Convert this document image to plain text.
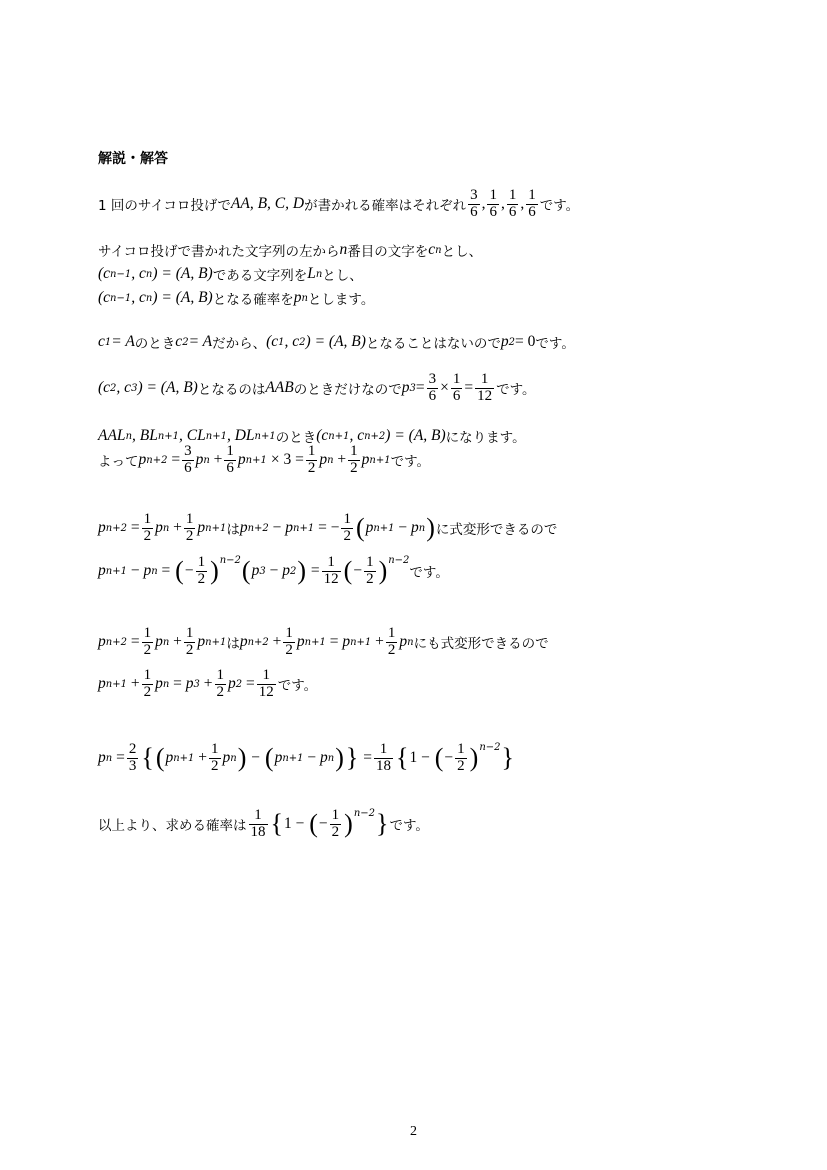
解説・解答
1 回のサイコロ投げで AA, B, C, D が書かれる確率はそれぞれ $\frac{3}{6}$ , $\frac{1}{6}$ , $\frac{1}{6}$ , $\frac{1}{6}$ です。
サイコロ投げで書かれた文字列の左から n 番目の文字を c n とし、
(c n−1 , c n ) = (A, B) である文字列を L n とし、
(c n−1 , c n ) = (A, B) となる確率を p n とします。
c 1 = A のとき c 2 = A だから、 (c 1 , c 2 ) = (A, B) となることはないので p 2 = 0 です。
(c 2 , c 3 ) = (A, B) となるのは AAB のときだけなので p $3 = \frac{3}{6} \times \frac{1}{6} = \frac{1}{12}$ です。
AAL n , BL n+1 , CL n+1 , DL n+1 のとき (c n+1 , c n+2 ) = (A, B) になります。
よって p $n+2 = \frac{3}{6}$ p $n + \frac{1}{6}$ p $n+1 \times 3 = \frac{1}{2}$ p $n + \frac{1}{2}$ p n+1 です。
p $n+2 = \frac{1}{2}$ p $n + \frac{1}{2}$ p n+1 は p n+2 − p n+1 = − $\frac{1}{2}$ ( p n+1 − p n ) に式変形できるので
p n+1 − p n = ( − $\frac{1}{2} )^{n-2}$ ( p 3 − p 2 ) = $\frac{1}{12}$ ( − $\frac{1}{2} )^{n-2}$
です。
p $n+2 = \frac{1}{2}$ p $n + \frac{1}{2}$ p n+1 は p $n+2 + \frac{1}{2}$ p n+1 = p $n+1 + \frac{1}{2}$ p n にも式変形できるので
p $n+1 + \frac{1}{2}$ p n = p $3 + \frac{1}{2}$ p $2 = \frac{1}{12}$ です。
p $n = \frac{2}{3}$ { ( p $n+1 + \frac{1}{2}$ p n ) − ( p n+1 − p n ) } = $\frac{1}{18}$ { 1 − ( − $\frac{1}{2} )^{n-2}$ }
以上より、求める確率は $\frac{1}{18}$ { 1 − ( − $\frac{1}{2} )^{n-2}$ } です。
2
